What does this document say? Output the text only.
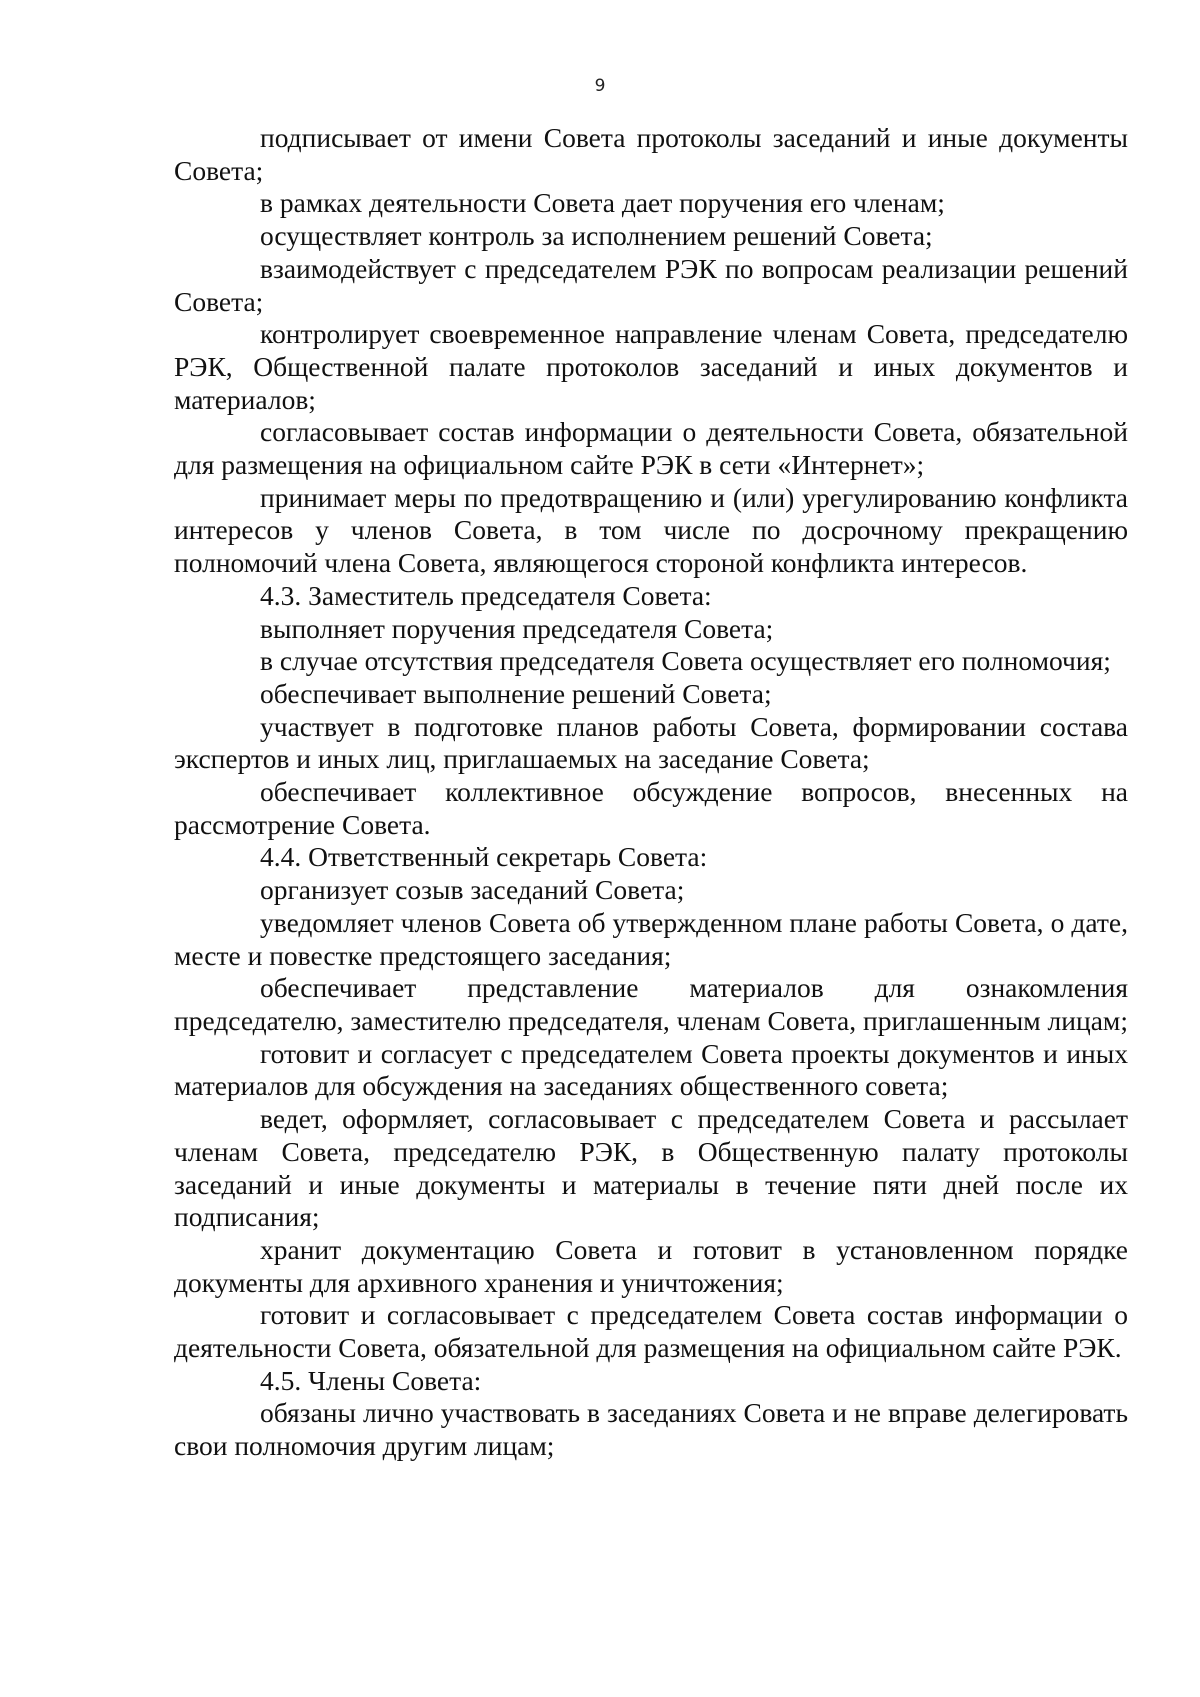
9

подписывает от имени Совета протоколы заседаний и иные документы Совета;

в рамках деятельности Совета дает поручения его членам;

осуществляет контроль за исполнением решений Совета;

взаимодействует с председателем РЭК по вопросам реализации решений Совета;

контролирует своевременное направление членам Совета, председателю РЭК, Общественной палате протоколов заседаний и иных документов и материалов;

согласовывает состав информации о деятельности Совета, обязательной для размещения на официальном сайте РЭК в сети «Интернет»;

принимает меры по предотвращению и (или) урегулированию конфликта интересов у членов Совета, в том числе по досрочному прекращению полномочий члена Совета, являющегося стороной конфликта интересов.

4.3. Заместитель председателя Совета:

выполняет поручения председателя Совета;

в случае отсутствия председателя Совета осуществляет его полномочия;

обеспечивает выполнение решений Совета;

участвует в подготовке планов работы Совета, формировании состава экспертов и иных лиц, приглашаемых на заседание Совета;

обеспечивает коллективное обсуждение вопросов, внесенных на рассмотрение Совета.

4.4. Ответственный секретарь Совета:

организует созыв заседаний Совета;

уведомляет членов Совета об утвержденном плане работы Совета, о дате, месте и повестке предстоящего заседания;

обеспечивает представление материалов для ознакомления председателю, заместителю председателя, членам Совета, приглашенным лицам;

готовит и согласует с председателем Совета проекты документов и иных материалов для обсуждения на заседаниях общественного совета;

ведет, оформляет, согласовывает с председателем Совета и рассылает членам Совета, председателю РЭК, в Общественную палату протоколы заседаний и иные документы и материалы в течение пяти дней после их подписания;

хранит документацию Совета и готовит в установленном порядке документы для архивного хранения и уничтожения;

готовит и согласовывает с председателем Совета состав информации о деятельности Совета, обязательной для размещения на официальном сайте РЭК.

4.5. Члены Совета:

обязаны лично участвовать в заседаниях Совета и не вправе делегировать свои полномочия другим лицам;
